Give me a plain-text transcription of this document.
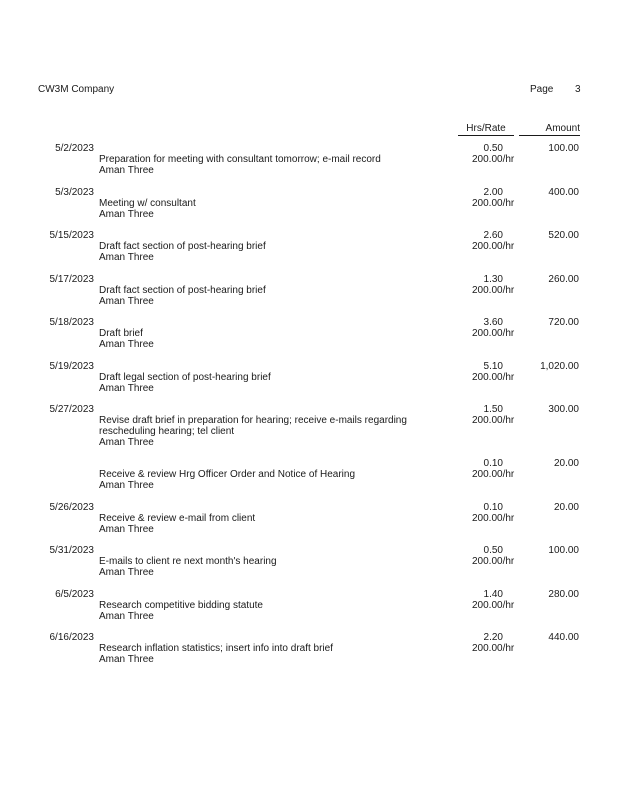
CW3M Company	Page 3
Hrs/Rate	Amount
5/2/2023
Preparation for meeting with consultant tomorrow; e-mail record
Aman Three
0.50
200.00/hr
100.00
5/3/2023
Meeting w/ consultant
Aman Three
2.00
200.00/hr
400.00
5/15/2023
Draft fact section of post-hearing brief
Aman Three
2.60
200.00/hr
520.00
5/17/2023
Draft fact section of post-hearing brief
Aman Three
1.30
200.00/hr
260.00
5/18/2023
Draft brief
Aman Three
3.60
200.00/hr
720.00
5/19/2023
Draft legal section of post-hearing brief
Aman Three
5.10
200.00/hr
1,020.00
5/27/2023
Revise draft brief in preparation for hearing; receive e-mails regarding rescheduling hearing; tel client
Aman Three
1.50
200.00/hr
300.00
Receive & review Hrg Officer Order and Notice of Hearing
Aman Three
0.10
200.00/hr
20.00
5/26/2023
Receive & review e-mail from client
Aman Three
0.10
200.00/hr
20.00
5/31/2023
E-mails to client re next month's hearing
Aman Three
0.50
200.00/hr
100.00
6/5/2023
Research competitive bidding statute
Aman Three
1.40
200.00/hr
280.00
6/16/2023
Research inflation statistics; insert info into draft brief
Aman Three
2.20
200.00/hr
440.00
